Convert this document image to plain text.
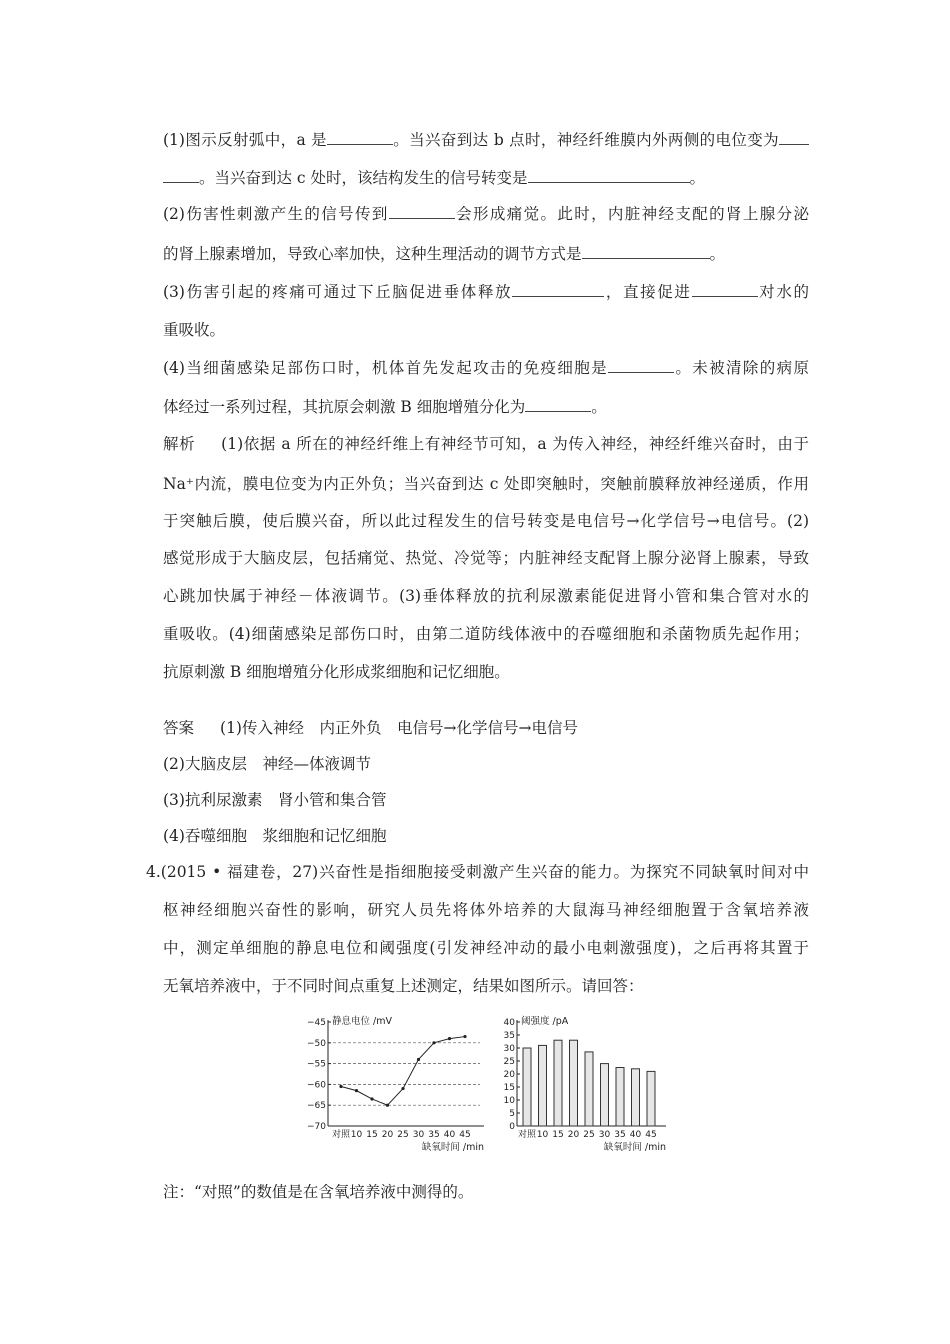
(1)图示反射弧中，a 是	。当兴奋到达 b 点时，神经纤维膜内外两侧的电位变为
。当兴奋到达 c 处时，该结构发生的信号转变是	。
(2)伤害性刺激产生的信号传到	会形成痛觉。此时，内脏神经支配的肾上腺分泌
的肾上腺素增加，导致心率加快，这种生理活动的调节方式是	。
(3)伤害引起的疼痛可通过下丘脑促进垂体释放	，直接促进	对水的
重吸收。
(4)当细菌感染足部伤口时，机体首先发起攻击的免疫细胞是	。未被清除的病原
体经过一系列过程，其抗原会刺激 B 细胞增殖分化为	。
解析 (1)依据 a 所在的神经纤维上有神经节可知，a 为传入神经，神经纤维兴奋时，由于
Na⁺内流，膜电位变为内正外负；当兴奋到达 c 处即突触时，突触前膜释放神经递质，作用
于突触后膜，使后膜兴奋，所以此过程发生的信号转变是电信号→化学信号→电信号。(2)
感觉形成于大脑皮层，包括痛觉、热觉、冷觉等；内脏神经支配肾上腺分泌肾上腺素，导致
心跳加快属于神经－体液调节。(3)垂体释放的抗利尿激素能促进肾小管和集合管对水的
重吸收。(4)细菌感染足部伤口时，由第二道防线体液中的吞噬细胞和杀菌物质先起作用；
抗原刺激 B 细胞增殖分化形成浆细胞和记忆细胞。
答案 (1)传入神经　内正外负　电信号→化学信号→电信号
(2)大脑皮层　神经—体液调节
(3)抗利尿激素　肾小管和集合管
(4)吞噬细胞　浆细胞和记忆细胞
4.(2015 • 福建卷，27)兴奋性是指细胞接受刺激产生兴奋的能力。为探究不同缺氧时间对中
枢神经细胞兴奋性的影响，研究人员先将体外培养的大鼠海马神经细胞置于含氧培养液
中，测定单细胞的静息电位和阈强度(引发神经冲动的最小电刺激强度)，之后再将其置于
无氧培养液中，于不同时间点重复上述测定，结果如图所示。请回答：
−45
−50
−55
−60
−65
−70
静息电位 /mV
对照 10 15 20 25 30 35 40 45
缺氧时间 /min
40
35
30
25
20
15
10
5
0
阈强度 /pA
对照 10 15 20 25 30 35 40 45
缺氧时间 /min
注：“对照”的数值是在含氧培养液中测得的。
